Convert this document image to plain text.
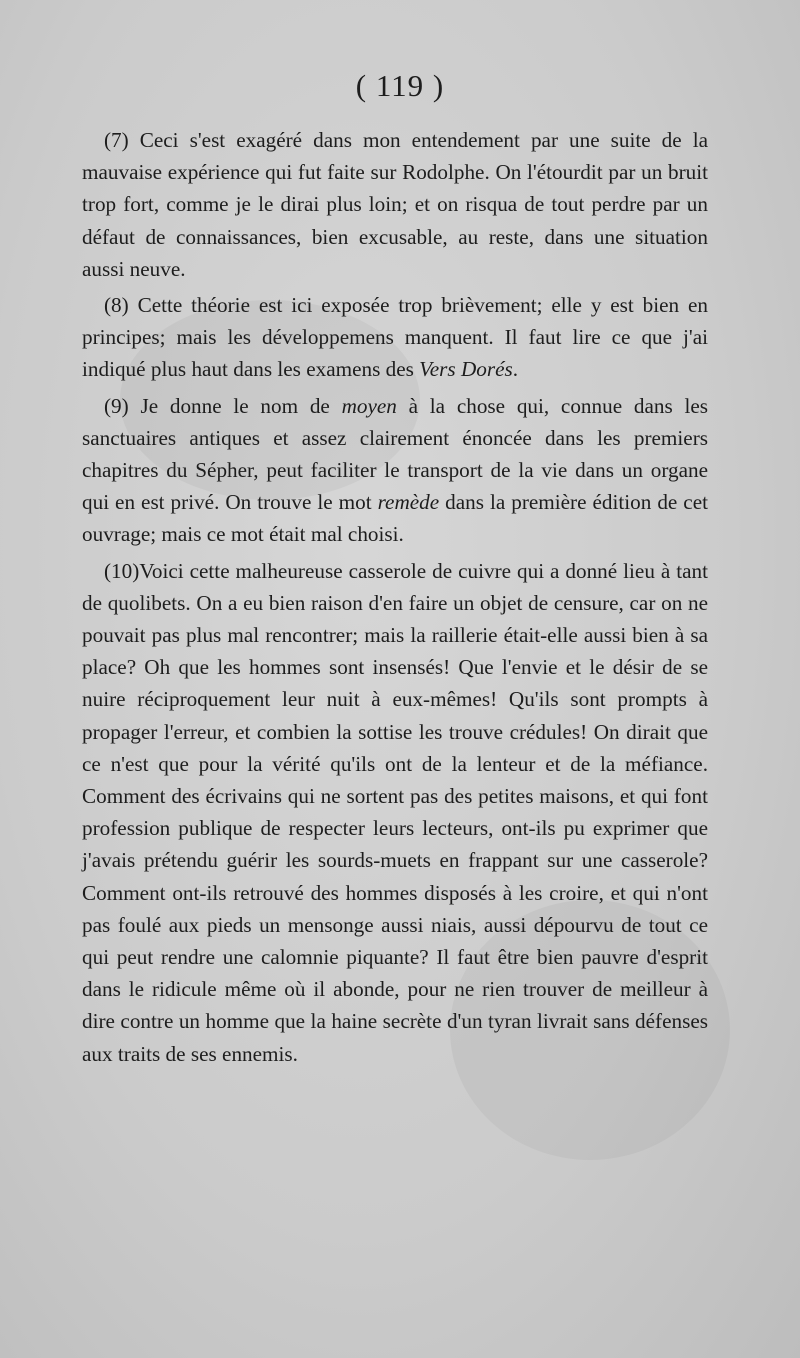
( 119 )

(7) Ceci s'est exagéré dans mon entendement par une suite de la mauvaise expérience qui fut faite sur Rodolphe. On l'étourdit par un bruit trop fort, comme je le dirai plus loin; et on risqua de tout perdre par un défaut de connaissances, bien excusable, au reste, dans une situation aussi neuve.

(8) Cette théorie est ici exposée trop brièvement; elle y est bien en principes; mais les développemens manquent. Il faut lire ce que j'ai indiqué plus haut dans les examens des Vers Dorés.

(9) Je donne le nom de moyen à la chose qui, connue dans les sanctuaires antiques et assez clairement énoncée dans les premiers chapitres du Sépher, peut faciliter le transport de la vie dans un organe qui en est privé. On trouve le mot remède dans la première édition de cet ouvrage; mais ce mot était mal choisi.

(10)Voici cette malheureuse casserole de cuivre qui a donné lieu à tant de quolibets. On a eu bien raison d'en faire un objet de censure, car on ne pouvait pas plus mal rencontrer; mais la raillerie était-elle aussi bien à sa place? Oh que les hommes sont insensés! Que l'envie et le désir de se nuire réciproquement leur nuit à eux-mêmes! Qu'ils sont prompts à propager l'erreur, et combien la sottise les trouve crédules! On dirait que ce n'est que pour la vérité qu'ils ont de la lenteur et de la méfiance. Comment des écrivains qui ne sortent pas des petites maisons, et qui font profession publique de respecter leurs lecteurs, ont-ils pu exprimer que j'avais prétendu guérir les sourds-muets en frappant sur une casserole? Comment ont-ils retrouvé des hommes disposés à les croire, et qui n'ont pas foulé aux pieds un mensonge aussi niais, aussi dépourvu de tout ce qui peut rendre une calomnie piquante? Il faut être bien pauvre d'esprit dans le ridicule même où il abonde, pour ne rien trouver de meilleur à dire contre un homme que la haine secrète d'un tyran livrait sans défenses aux traits de ses ennemis.
